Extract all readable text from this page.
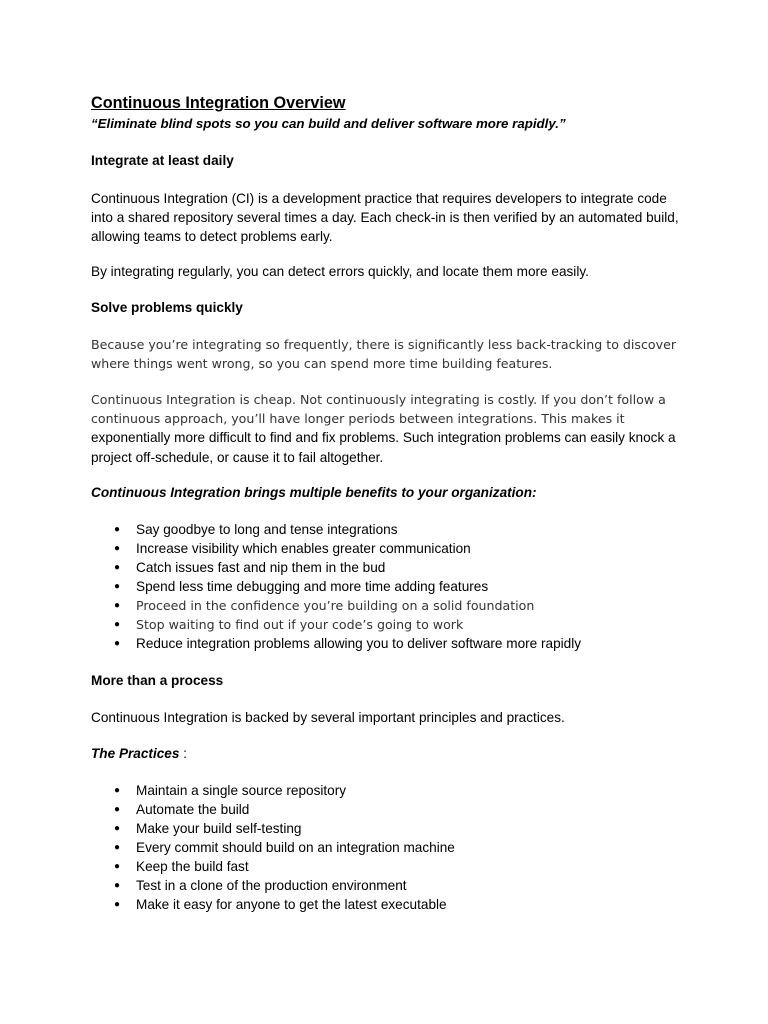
Continuous Integration Overview
“Eliminate blind spots so you can build and deliver software more rapidly.”
Integrate at least daily

Continuous Integration (CI) is a development practice that requires developers to integrate code into a shared repository several times a day. Each check-in is then verified by an automated build, allowing teams to detect problems early.

By integrating regularly, you can detect errors quickly, and locate them more easily.

Solve problems quickly

Because you’re integrating so frequently, there is significantly less back-tracking to discover where things went wrong, so you can spend more time building features.

Continuous Integration is cheap. Not continuously integrating is costly. If you don’t follow a continuous approach, you’ll have longer periods between integrations. This makes it exponentially more difficult to find and fix problems. Such integration problems can easily knock a project off-schedule, or cause it to fail altogether.

Continuous Integration brings multiple benefits to your organization:
● Say goodbye to long and tense integrations
● Increase visibility which enables greater communication
● Catch issues fast and nip them in the bud
● Spend less time debugging and more time adding features
● Proceed in the confidence you’re building on a solid foundation
● Stop waiting to find out if your code’s going to work
● Reduce integration problems allowing you to deliver software more rapidly
More than a process

Continuous Integration is backed by several important principles and practices.

The Practices :
● Maintain a single source repository
● Automate the build
● Make your build self-testing
● Every commit should build on an integration machine
● Keep the build fast
● Test in a clone of the production environment
● Make it easy for anyone to get the latest executable
